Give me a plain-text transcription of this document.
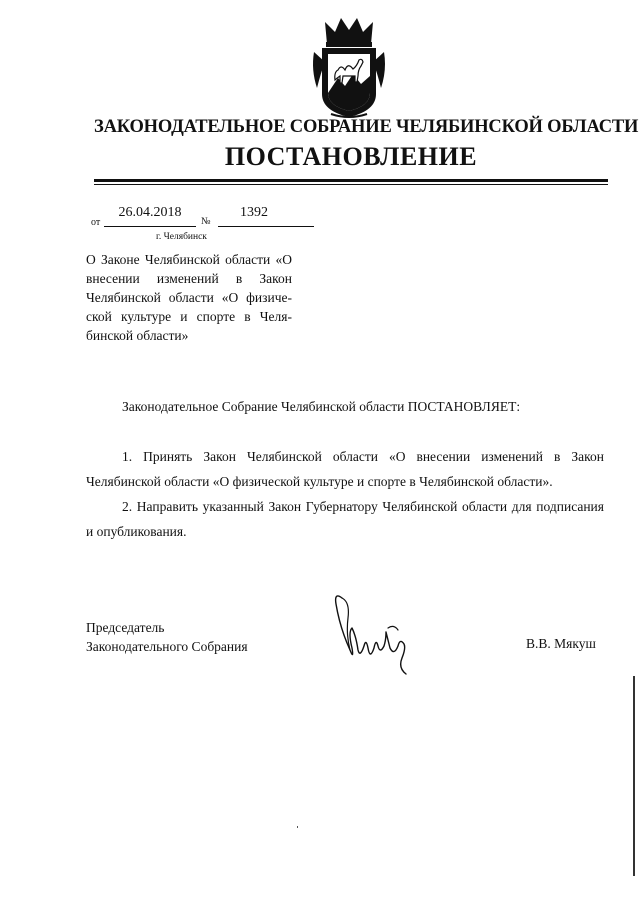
ЗАКОНОДАТЕЛЬНОЕ СОБРАНИЕ ЧЕЛЯБИНСКОЙ ОБЛАСТИ
ПОСТАНОВЛЕНИЕ
от
26.04.2018
№
1392
г. Челябинск
О Законе Челябинской области «О внесении изменений в Закон Челябинской области «О физической культуре и спорте в Челябинской области»
Законодательное Собрание Челябинской области ПОСТАНОВЛЯЕТ:
1. Принять Закон Челябинской области «О внесении изменений в Закон Челябинской области «О физической культуре и спорте в Челябинской области».
2. Направить указанный Закон Губернатору Челябинской области для подписания и опубликования.
Председатель
Законодательного Собрания	В.В. Мякуш
